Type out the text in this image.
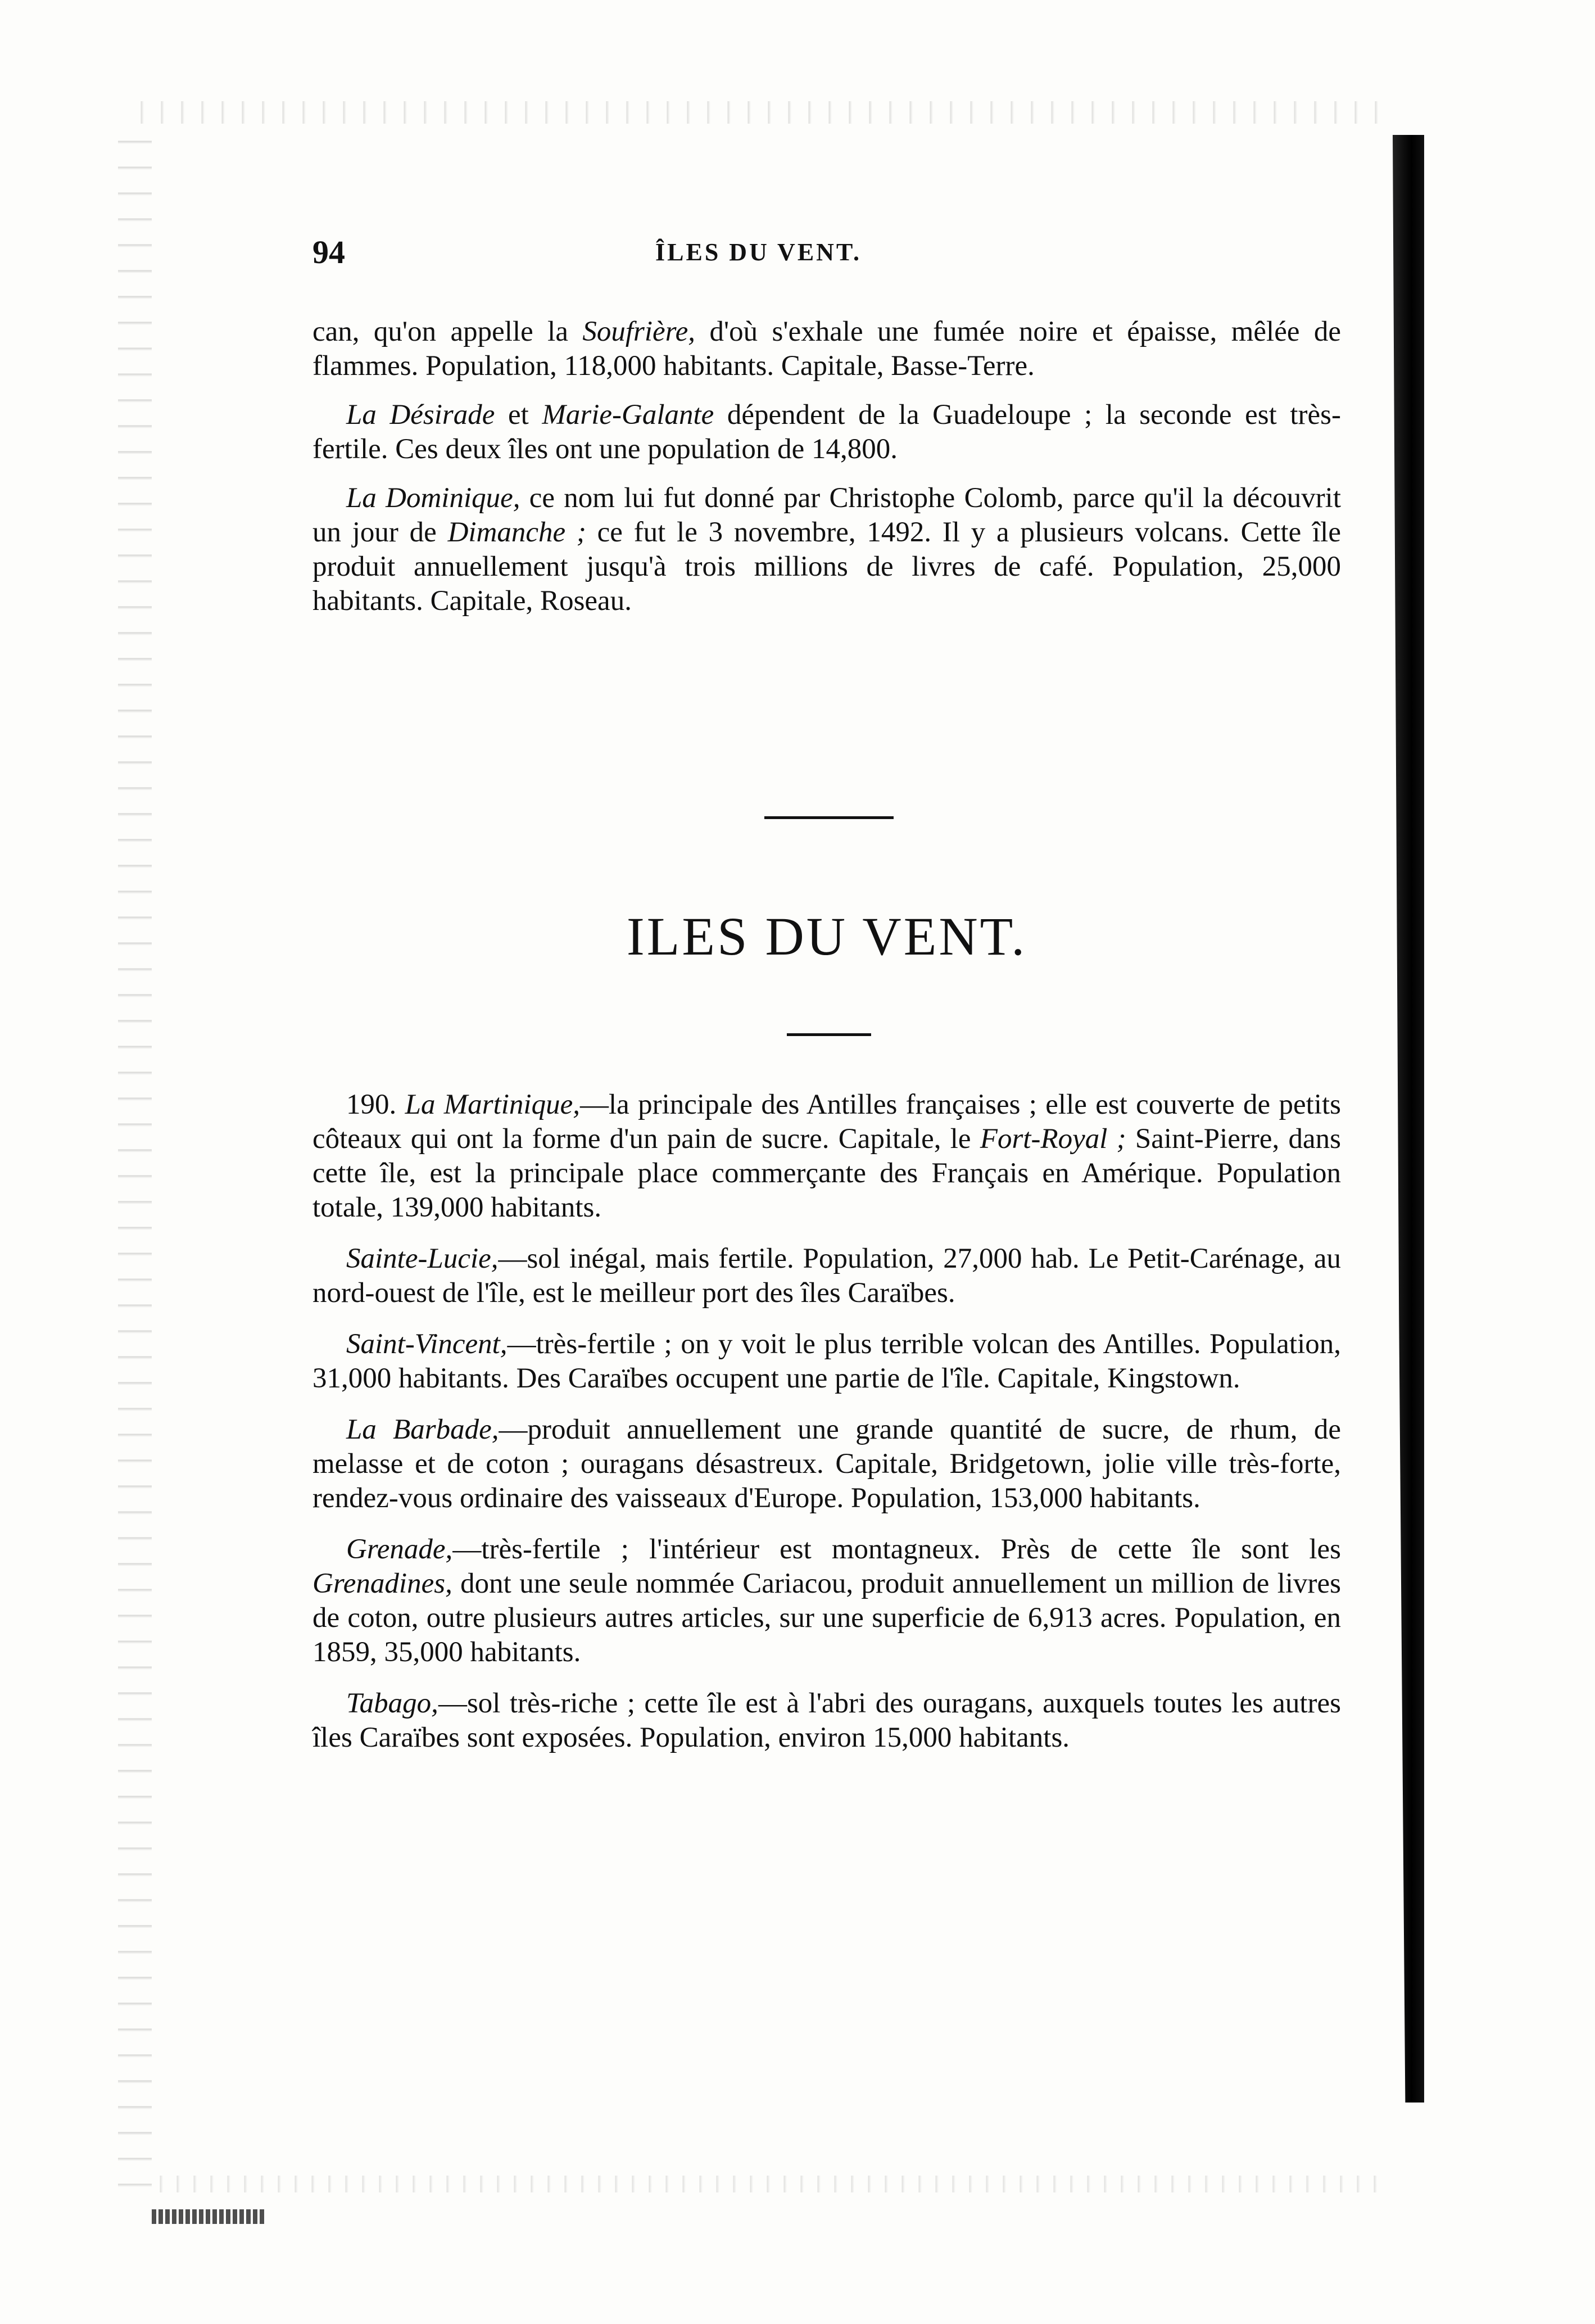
94	ÎLES DU VENT.

can, qu'on appelle la Soufrière, d'où s'exhale une fumée noire et épaisse, mêlée de flammes. Population, 118,000 habitants. Capitale, Basse-Terre.

La Désirade et Marie-Galante dépendent de la Guadeloupe ; la seconde est très-fertile. Ces deux îles ont une population de 14,800.

La Dominique, ce nom lui fut donné par Christophe Colomb, parce qu'il la découvrit un jour de Dimanche ; ce fut le 3 novembre, 1492. Il y a plusieurs volcans. Cette île produit annuellement jusqu'à trois millions de livres de café. Population, 25,000 habitants. Capitale, Roseau.

ILES DU VENT.

190. La Martinique,—la principale des Antilles françaises ; elle est couverte de petits côteaux qui ont la forme d'un pain de sucre. Capitale, le Fort-Royal ; Saint-Pierre, dans cette île, est la principale place commerçante des Français en Amérique. Population totale, 139,000 habitants.

Sainte-Lucie,—sol inégal, mais fertile. Population, 27,000 hab. Le Petit-Carénage, au nord-ouest de l'île, est le meilleur port des îles Caraïbes.

Saint-Vincent,—très-fertile ; on y voit le plus terrible volcan des Antilles. Population, 31,000 habitants. Des Caraïbes occupent une partie de l'île. Capitale, Kingstown.

La Barbade,—produit annuellement une grande quantité de sucre, de rhum, de melasse et de coton ; ouragans désastreux. Capitale, Bridgetown, jolie ville très-forte, rendez-vous ordinaire des vaisseaux d'Europe. Population, 153,000 habitants.

Grenade,—très-fertile ; l'intérieur est montagneux. Près de cette île sont les Grenadines, dont une seule nommée Cariacou, produit annuellement un million de livres de coton, outre plusieurs autres articles, sur une superficie de 6,913 acres. Population, en 1859, 35,000 habitants.

Tabago,—sol très-riche ; cette île est à l'abri des ouragans, auxquels toutes les autres îles Caraïbes sont exposées. Population, environ 15,000 habitants.
